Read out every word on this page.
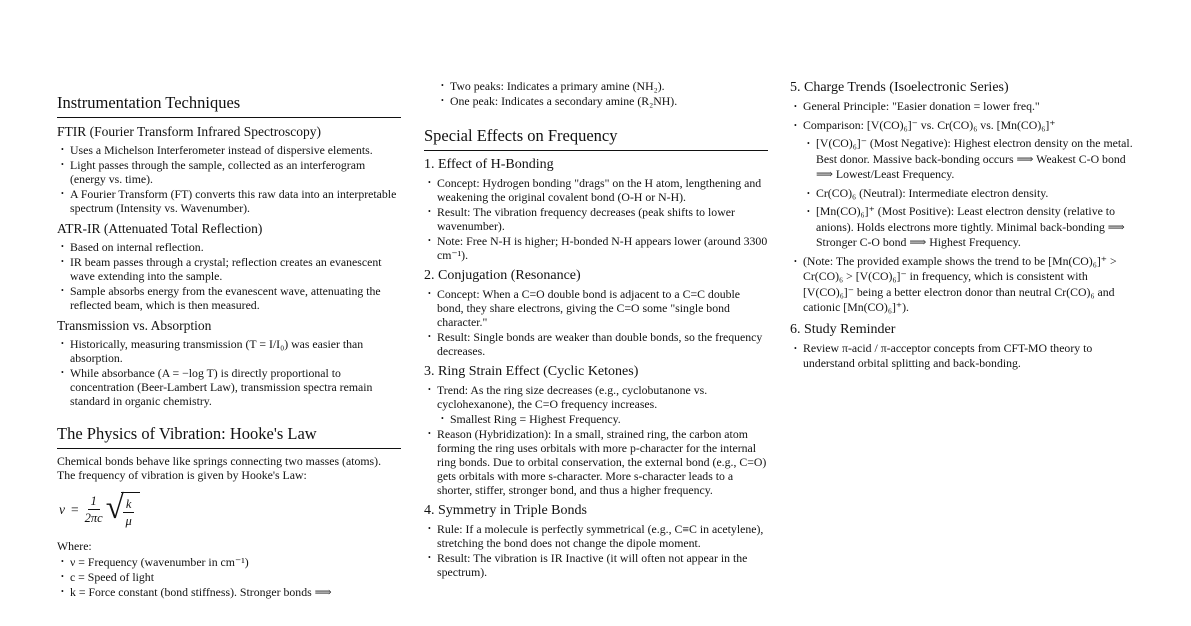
Instrumentation Techniques
FTIR (Fourier Transform Infrared Spectroscopy)
• Uses a Michelson Interferometer instead of dispersive elements.
• Light passes through the sample, collected as an interferogram (energy vs. time).
• A Fourier Transform (FT) converts this raw data into an interpretable spectrum (Intensity vs. Wavenumber).
ATR-IR (Attenuated Total Reflection)
• Based on internal reflection.
• IR beam passes through a crystal; reflection creates an evanescent wave extending into the sample.
• Sample absorbs energy from the evanescent wave, attenuating the reflected beam, which is then measured.
Transmission vs. Absorption
• Historically, measuring transmission (T = I/I₀) was easier than absorption.
• While absorbance (A = −log T) is directly proportional to concentration (Beer-Lambert Law), transmission spectra remain standard in organic chemistry.
The Physics of Vibration: Hooke's Law
Chemical bonds behave like springs connecting two masses (atoms). The frequency of vibration is given by Hooke's Law:
$\nu = \frac{1}{2\pi c}$ √ $\frac{k}{\mu}$
Where:
• ν = Frequency (wavenumber in cm⁻¹)
• c = Speed of light
• k = Force constant (bond stiffness). Stronger bonds ⟹
• Two peaks: Indicates a primary amine (NH₂).
• One peak: Indicates a secondary amine (R₂NH).
Special Effects on Frequency
1. Effect of H-Bonding
• Concept: Hydrogen bonding "drags" on the H atom, lengthening and weakening the original covalent bond (O-H or N-H).
• Result: The vibration frequency decreases (peak shifts to lower wavenumber).
• Note: Free N-H is higher; H-bonded N-H appears lower (around 3300 cm⁻¹).
2. Conjugation (Resonance)
• Concept: When a C=O double bond is adjacent to a C=C double bond, they share electrons, giving the C=O some "single bond character."
• Result: Single bonds are weaker than double bonds, so the frequency decreases.
3. Ring Strain Effect (Cyclic Ketones)
• Trend: As the ring size decreases (e.g., cyclobutanone vs. cyclohexanone), the C=O frequency increases.
• Smallest Ring = Highest Frequency.
• Reason (Hybridization): In a small, strained ring, the carbon atom forming the ring uses orbitals with more p-character for the internal ring bonds. Due to orbital conservation, the external bond (e.g., C=O) gets orbitals with more s-character. More s-character leads to a shorter, stiffer, stronger bond, and thus a higher frequency.
4. Symmetry in Triple Bonds
• Rule: If a molecule is perfectly symmetrical (e.g., C≡C in acetylene), stretching the bond does not change the dipole moment.
• Result: The vibration is IR Inactive (it will often not appear in the spectrum).
5. Charge Trends (Isoelectronic Series)
• General Principle: "Easier donation = lower freq."
• Comparison: [V(CO)₆]⁻ vs. Cr(CO)₆ vs. [Mn(CO)₆]⁺
• [V(CO)₆]⁻ (Most Negative): Highest electron density on the metal. Best donor. Massive back-bonding occurs ⟹ Weakest C-O bond ⟹ Lowest/Least Frequency.
• Cr(CO)₆ (Neutral): Intermediate electron density.
• [Mn(CO)₆]⁺ (Most Positive): Least electron density (relative to anions). Holds electrons more tightly. Minimal back-bonding ⟹ Stronger C-O bond ⟹ Highest Frequency.
• (Note: The provided example shows the trend to be [Mn(CO)₆]⁺ > Cr(CO)₆ > [V(CO)₆]⁻ in frequency, which is consistent with [V(CO)₆]⁻ being a better electron donor than neutral Cr(CO)₆ and cationic [Mn(CO)₆]⁺).
6. Study Reminder
• Review π-acid / π-acceptor concepts from CFT-MO theory to understand orbital splitting and back-bonding.
